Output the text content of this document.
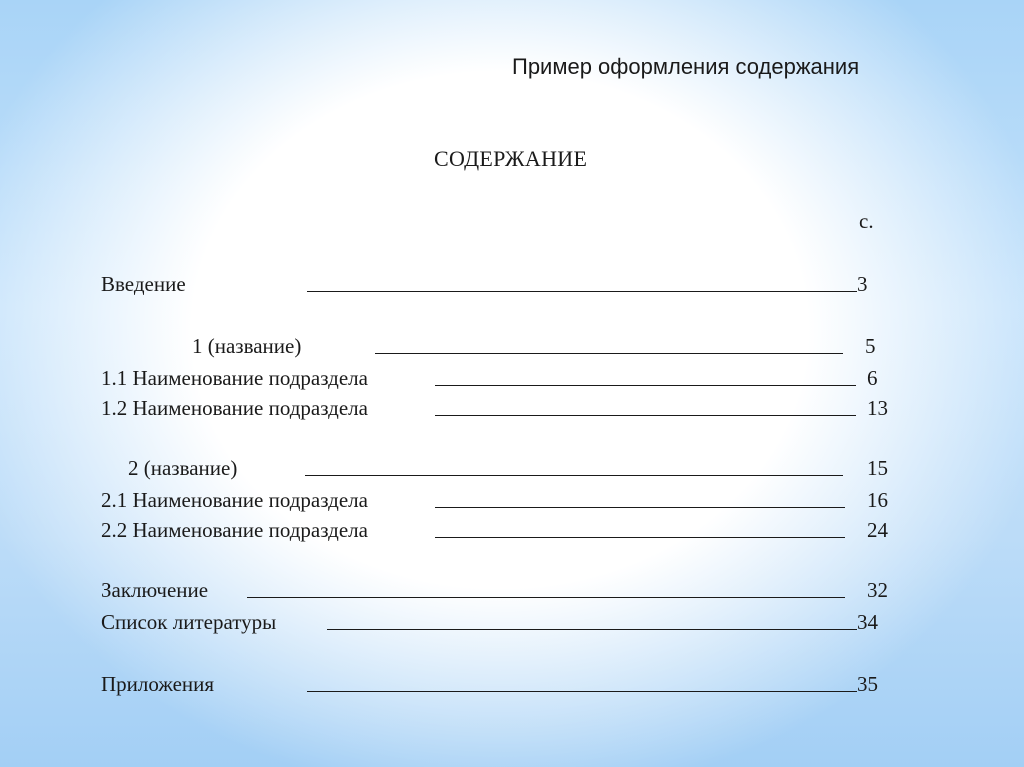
Пример оформления содержания
СОДЕРЖАНИЕ
с.
Введение	3
1 (название)	5
1.1 Наименование подраздела	6
1.2 Наименование подраздела	13
2 (название)	15
2.1 Наименование подраздела	16
2.2 Наименование подраздела	24
Заключение	32
Список литературы	34
Приложения	35
